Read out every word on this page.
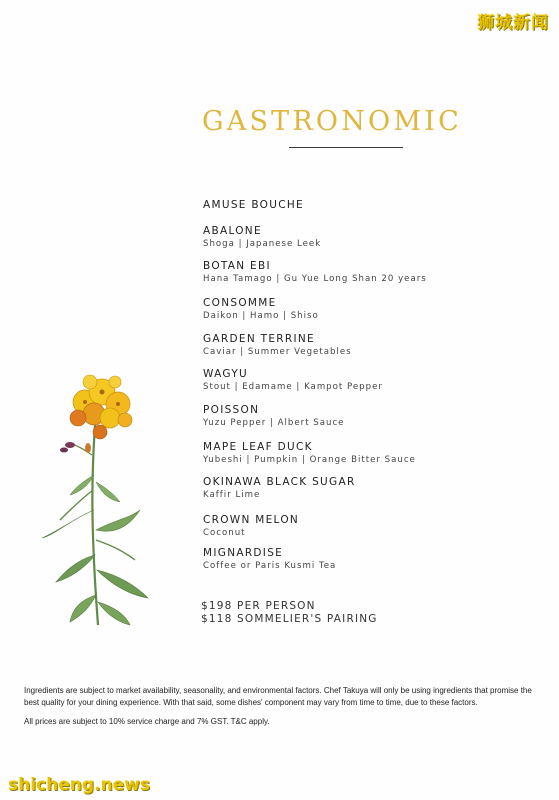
狮城新闻
GASTRONOMIC
AMUSE BOUCHE
ABALONE
Shoga | Japanese Leek
BOTAN EBI
Hana Tamago | Gu Yue Long Shan 20 years
CONSOMME
Daikon | Hamo | Shiso
GARDEN TERRINE
Caviar | Summer Vegetables
WAGYU
Stout | Edamame | Kampot Pepper
POISSON
Yuzu Pepper | Albert Sauce
MAPE LEAF DUCK
Yubeshi | Pumpkin | Orange Bitter Sauce
OKINAWA BLACK SUGAR
Kaffir Lime
CROWN MELON
Coconut
MIGNARDISE
Coffee or Paris Kusmi Tea
$198 PER PERSON
$118 SOMMELIER'S PAIRING

Ingredients are subject to market availability, seasonality, and environmental factors. Chef Takuya will only be using ingredients that promise the best quality for your dining experience. With that said, some dishes' component may vary from time to time, due to these factors.

All prices are subject to 10% service charge and 7% GST. T&C apply.

shicheng.news
